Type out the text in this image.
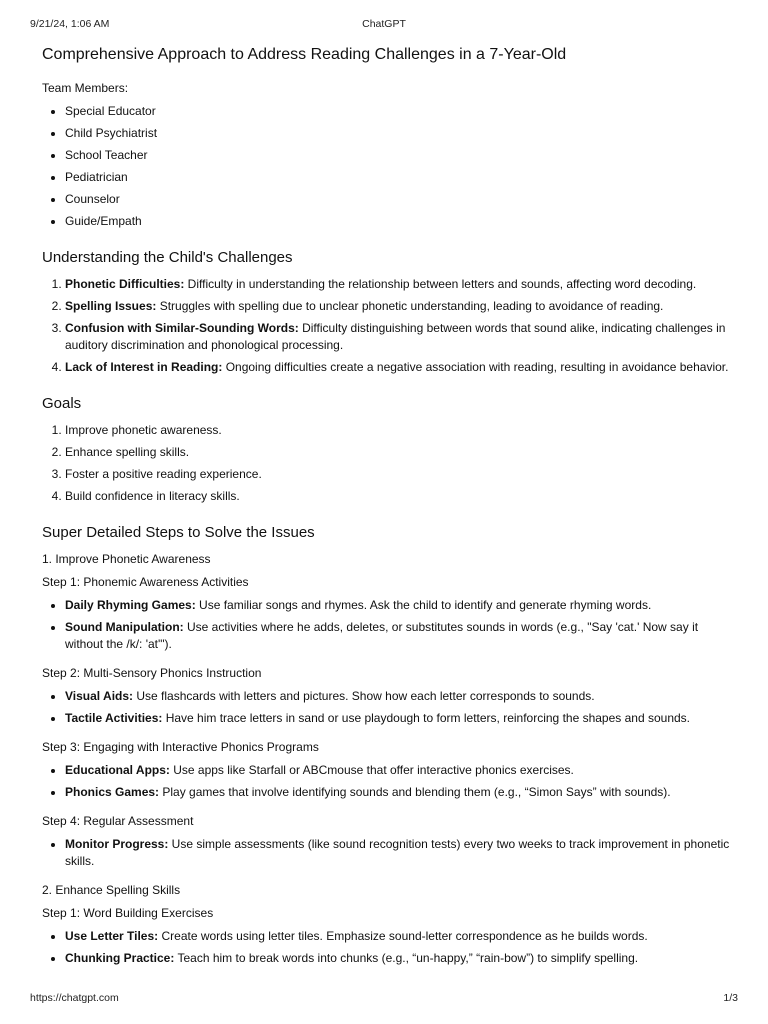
9/21/24, 1:06 AM	ChatGPT
Comprehensive Approach to Address Reading Challenges in a 7-Year-Old
Team Members:
• Special Educator
• Child Psychiatrist
• School Teacher
• Pediatrician
• Counselor
• Guide/Empath
Understanding the Child's Challenges
1. Phonetic Difficulties: Difficulty in understanding the relationship between letters and sounds, affecting word decoding.
2. Spelling Issues: Struggles with spelling due to unclear phonetic understanding, leading to avoidance of reading.
3. Confusion with Similar-Sounding Words: Difficulty distinguishing between words that sound alike, indicating challenges in auditory discrimination and phonological processing.
4. Lack of Interest in Reading: Ongoing difficulties create a negative association with reading, resulting in avoidance behavior.
Goals
1. Improve phonetic awareness.
2. Enhance spelling skills.
3. Foster a positive reading experience.
4. Build confidence in literacy skills.
Super Detailed Steps to Solve the Issues
1. Improve Phonetic Awareness
Step 1: Phonemic Awareness Activities
• Daily Rhyming Games: Use familiar songs and rhymes. Ask the child to identify and generate rhyming words.
• Sound Manipulation: Use activities where he adds, deletes, or substitutes sounds in words (e.g., "Say 'cat.' Now say it without the /k/: 'at'").
Step 2: Multi-Sensory Phonics Instruction
• Visual Aids: Use flashcards with letters and pictures. Show how each letter corresponds to sounds.
• Tactile Activities: Have him trace letters in sand or use playdough to form letters, reinforcing the shapes and sounds.
Step 3: Engaging with Interactive Phonics Programs
• Educational Apps: Use apps like Starfall or ABCmouse that offer interactive phonics exercises.
• Phonics Games: Play games that involve identifying sounds and blending them (e.g., “Simon Says” with sounds).
Step 4: Regular Assessment
• Monitor Progress: Use simple assessments (like sound recognition tests) every two weeks to track improvement in phonetic skills.
2. Enhance Spelling Skills
Step 1: Word Building Exercises
• Use Letter Tiles: Create words using letter tiles. Emphasize sound-letter correspondence as he builds words.
• Chunking Practice: Teach him to break words into chunks (e.g., “un-happy,” “rain-bow”) to simplify spelling.
https://chatgpt.com	1/3
